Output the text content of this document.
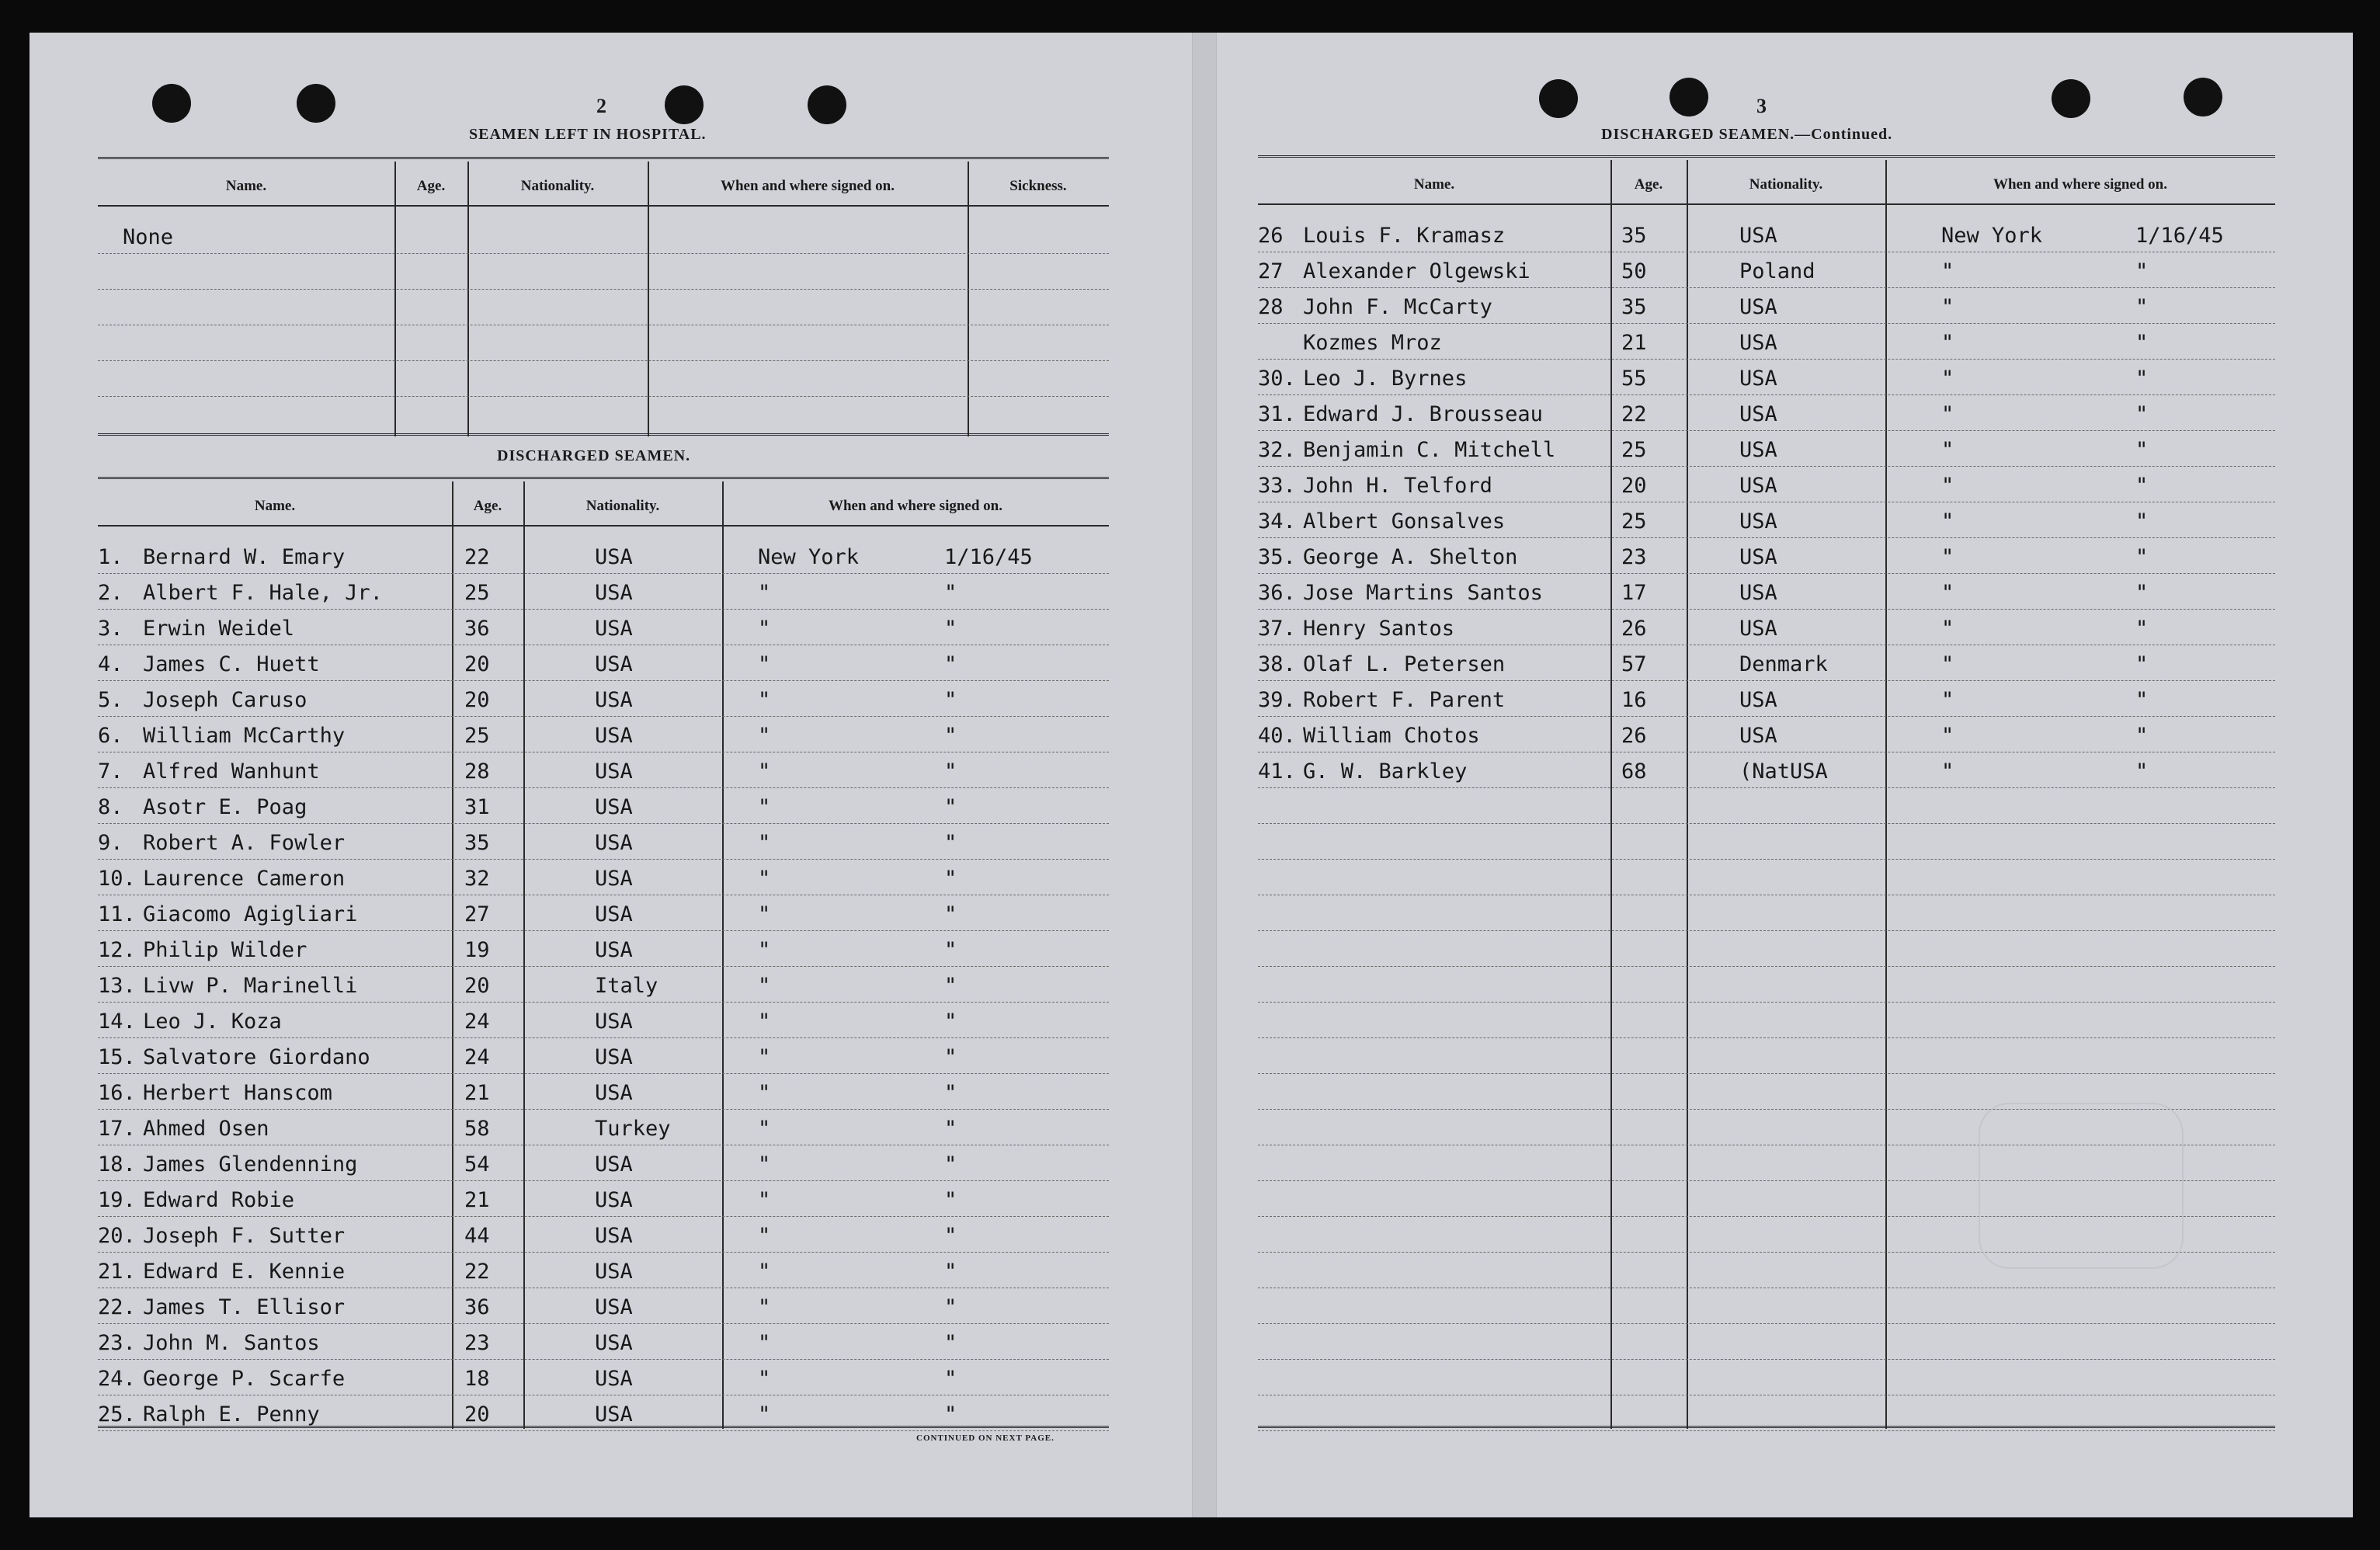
2	3
SEAMEN LEFT IN HOSPITAL.
DISCHARGED SEAMEN.
DISCHARGED SEAMEN.—Continued.
Name.	Age.	Nationality.	When and where signed on.	Sickness.
None
Name.	Age.	Nationality.	When and where signed on.
1. Bernard W. Emary	22	USA	New York	1/16/45
2. Albert F. Hale, Jr.	25	USA	"	"
3. Erwin Weidel	36	USA	"	"
4. James C. Huett	20	USA	"	"
5. Joseph Caruso	20	USA	"	"
6. William McCarthy	25	USA	"	"
7. Alfred Wanhunt	28	USA	"	"
8. Asotr E. Poag	31	USA	"	"
9. Robert A. Fowler	35	USA	"	"
10. Laurence Cameron	32	USA	"	"
11. Giacomo Agigliari	27	USA	"	"
12. Philip Wilder	19	USA	"	"
13. Livw P. Marinelli	20	Italy	"	"
14. Leo J. Koza	24	USA	"	"
15. Salvatore Giordano	24	USA	"	"
16. Herbert Hanscom	21	USA	"	"
17. Ahmed Osen	58	Turkey	"	"
18. James Glendenning	54	USA	"	"
19. Edward Robie	21	USA	"	"
20. Joseph F. Sutter	44	USA	"	"
21. Edward E. Kennie	22	USA	"	"
22. James T. Ellisor	36	USA	"	"
23. John M. Santos	23	USA	"	"
24. George P. Scarfe	18	USA	"	"
25. Ralph E. Penny	20	USA	"	"
Name.	Age.	Nationality.	When and where signed on.
26 Louis F. Kramasz	35	USA	New York	1/16/45
27 Alexander Olgewski	50	Poland	"	"
28 John F. McCarty	35	USA	"	"
Kozmes Mroz	21	USA	"	"
30. Leo J. Byrnes	55	USA	"	"
31. Edward J. Brousseau	22	USA	"	"
32. Benjamin C. Mitchell	25	USA	"	"
33. John H. Telford	20	USA	"	"
34. Albert Gonsalves	25	USA	"	"
35. George A. Shelton	23	USA	"	"
36. Jose Martins Santos	17	USA	"	"
37. Henry Santos	26	USA	"	"
38. Olaf L. Petersen	57	Denmark	"	"
39. Robert F. Parent	16	USA	"	"
40. William Chotos	26	USA	"	"
41. G. W. Barkley	68	(NatUSA	"	"
CONTINUED ON NEXT PAGE.
